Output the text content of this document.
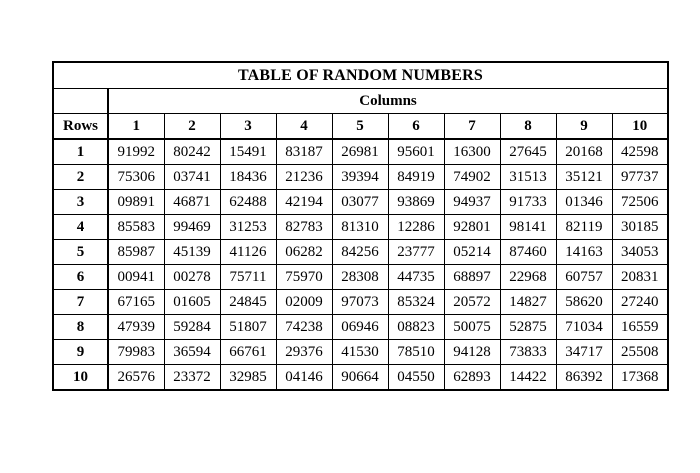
TABLE OF RANDOM NUMBERS										
	Columns									
Rows	1	2	3	4	5	6	7	8	9	10
1	91992	80242	15491	83187	26981	95601	16300	27645	20168	42598
2	75306	03741	18436	21236	39394	84919	74902	31513	35121	97737
3	09891	46871	62488	42194	03077	93869	94937	91733	01346	72506
4	85583	99469	31253	82783	81310	12286	92801	98141	82119	30185
5	85987	45139	41126	06282	84256	23777	05214	87460	14163	34053
6	00941	00278	75711	75970	28308	44735	68897	22968	60757	20831
7	67165	01605	24845	02009	97073	85324	20572	14827	58620	27240
8	47939	59284	51807	74238	06946	08823	50075	52875	71034	16559
9	79983	36594	66761	29376	41530	78510	94128	73833	34717	25508
10	26576	23372	32985	04146	90664	04550	62893	14422	86392	17368
